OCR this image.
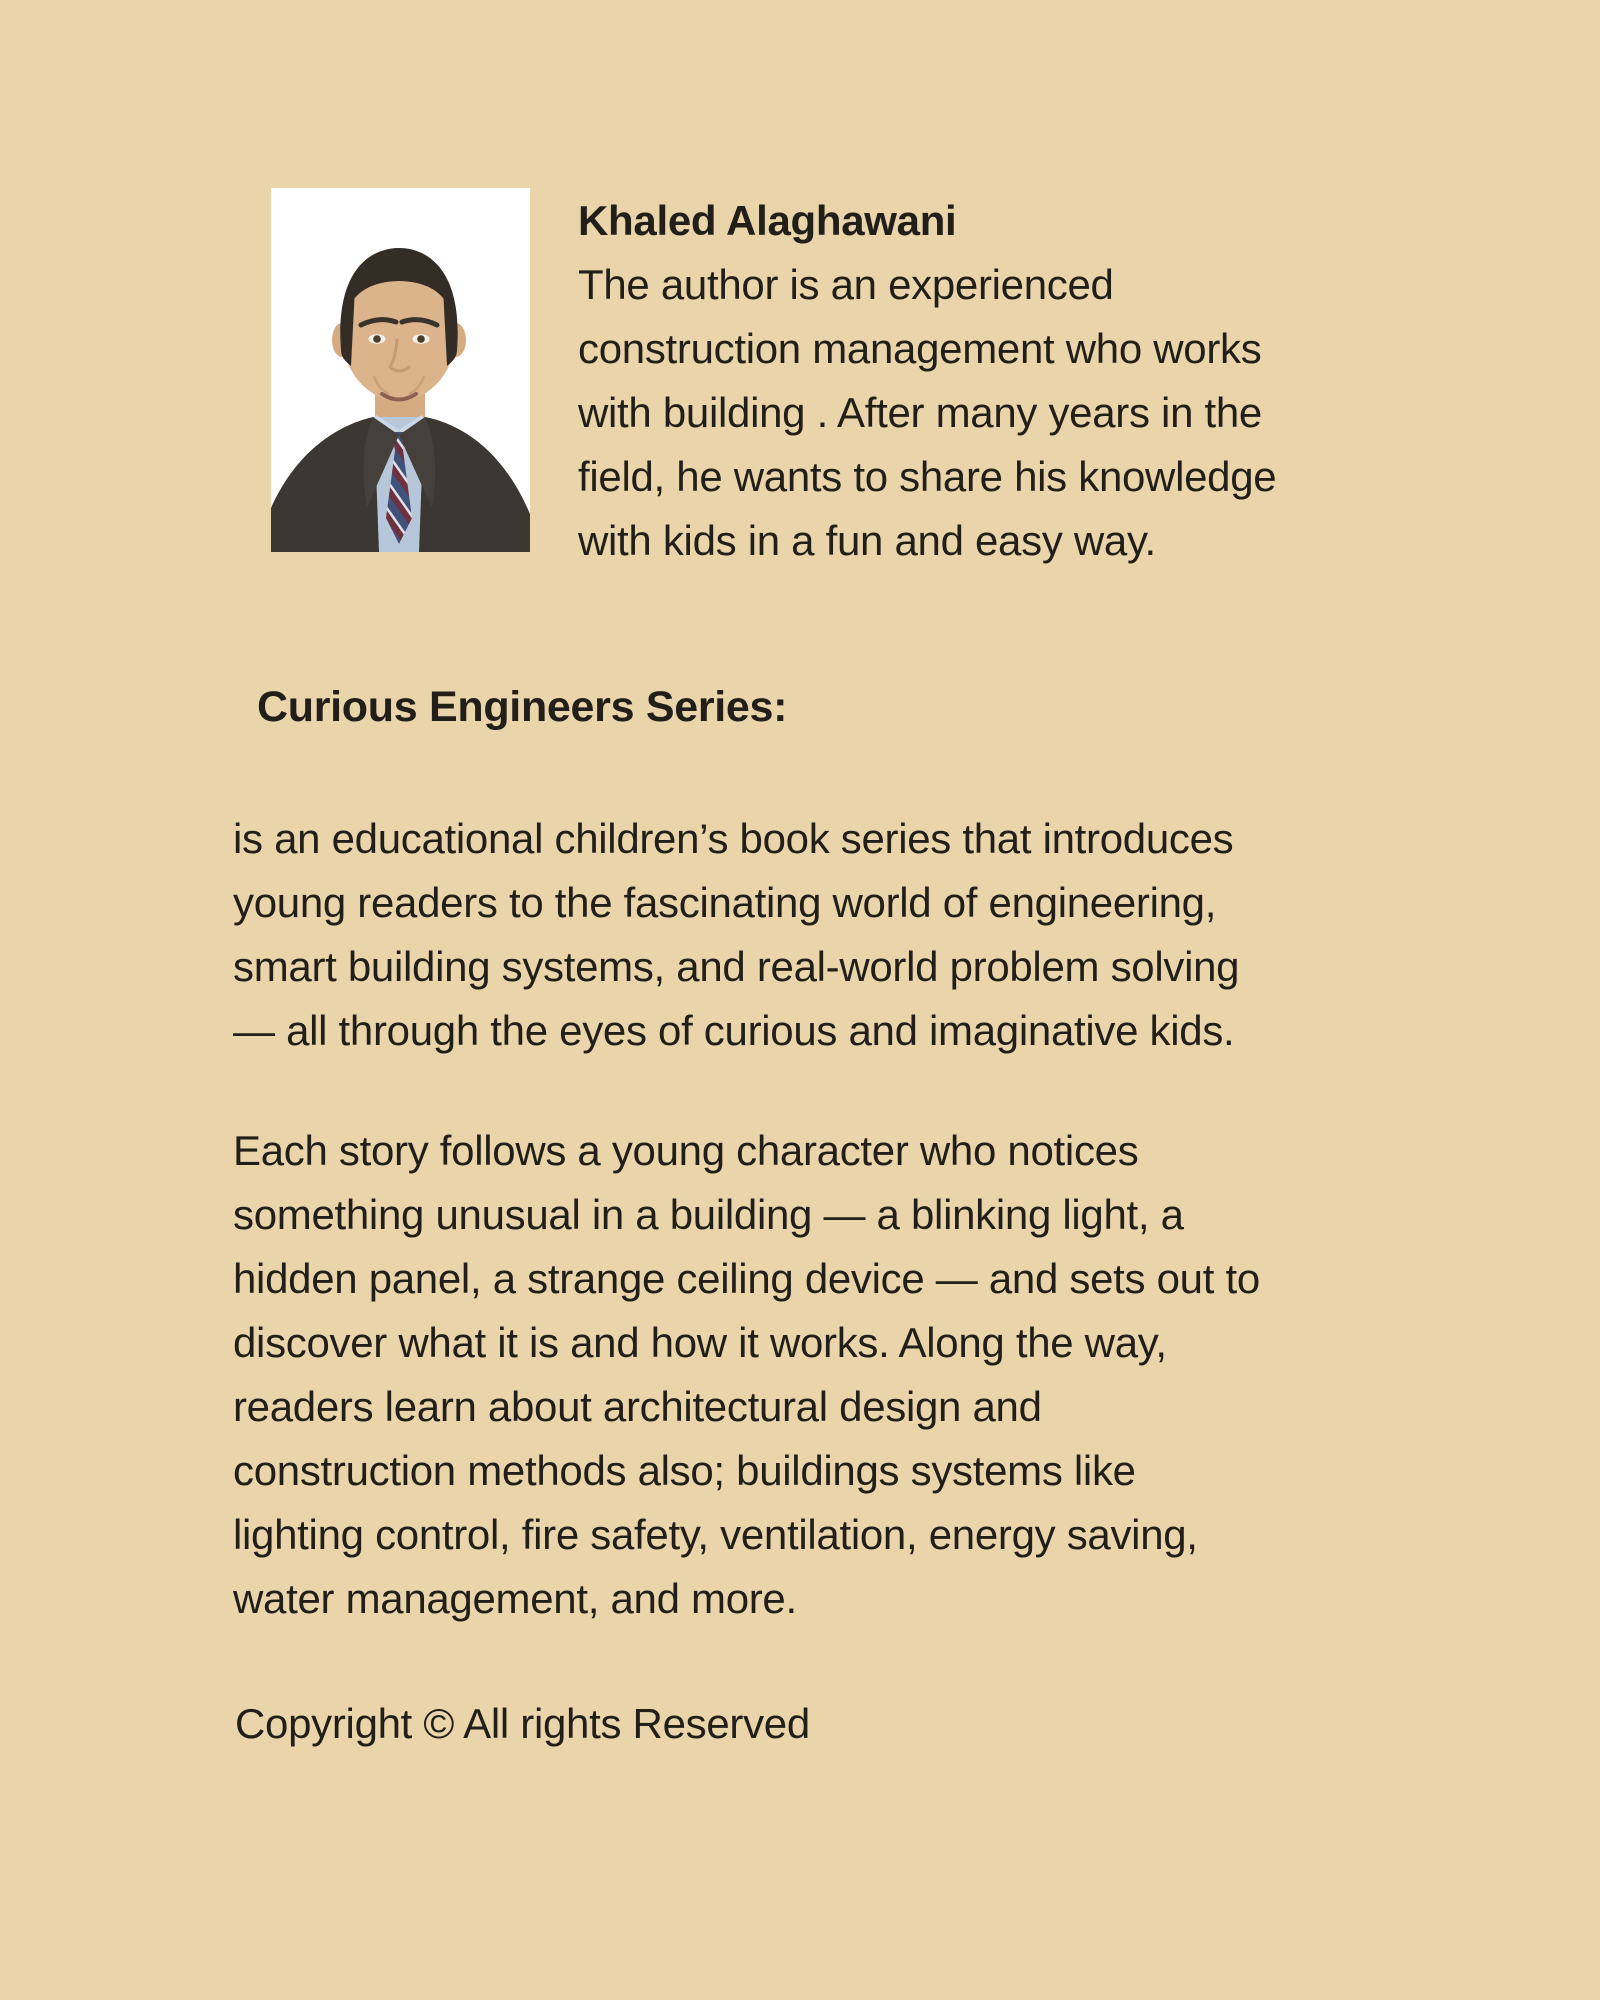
Khaled Alaghawani
The author is an experienced
construction management who works
with building . After many years in the
field, he wants to share his knowledge
with kids in a fun and easy way.
Curious Engineers Series:
is an educational children’s book series that introduces
young readers to the fascinating world of engineering,
smart building systems, and real-world problem solving
— all through the eyes of curious and imaginative kids.
Each story follows a young character who notices
something unusual in a building — a blinking light, a
hidden panel, a strange ceiling device — and sets out to
discover what it is and how it works. Along the way,
readers learn about architectural design and
construction methods also; buildings systems like
lighting control, fire safety, ventilation, energy saving,
water management, and more.
Copyright © All rights Reserved
